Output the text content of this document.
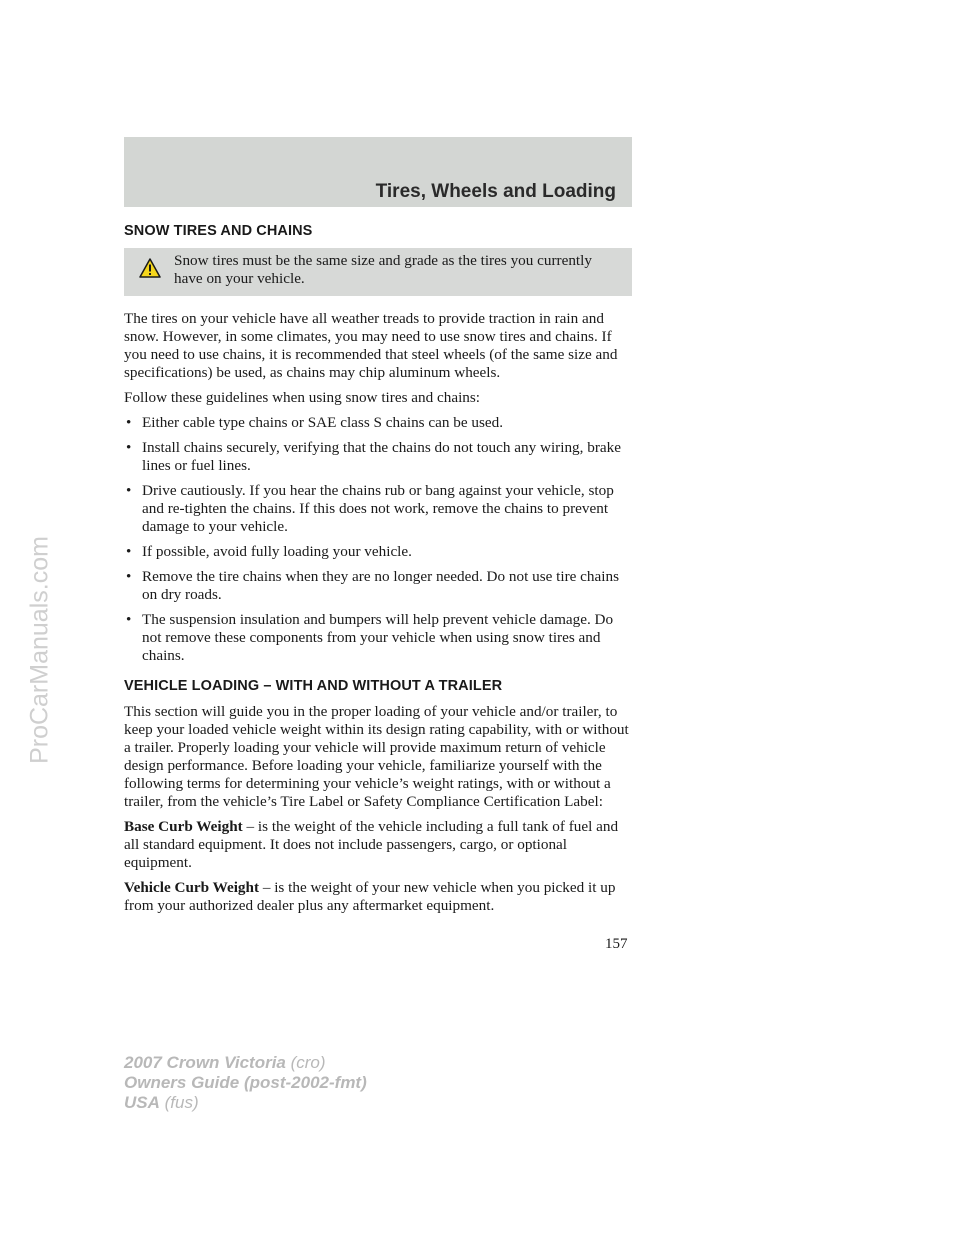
Tires, Wheels and Loading
SNOW TIRES AND CHAINS
Snow tires must be the same size and grade as the tires you currently have on your vehicle.

The tires on your vehicle have all weather treads to provide traction in rain and snow. However, in some climates, you may need to use snow tires and chains. If you need to use chains, it is recommended that steel wheels (of the same size and specifications) be used, as chains may chip aluminum wheels.

Follow these guidelines when using snow tires and chains:

• Either cable type chains or SAE class S chains can be used.
• Install chains securely, verifying that the chains do not touch any wiring, brake lines or fuel lines.
• Drive cautiously. If you hear the chains rub or bang against your vehicle, stop and re-tighten the chains. If this does not work, remove the chains to prevent damage to your vehicle.
• If possible, avoid fully loading your vehicle.
• Remove the tire chains when they are no longer needed. Do not use tire chains on dry roads.
• The suspension insulation and bumpers will help prevent vehicle damage. Do not remove these components from your vehicle when using snow tires and chains.
VEHICLE LOADING – WITH AND WITHOUT A TRAILER

This section will guide you in the proper loading of your vehicle and/or trailer, to keep your loaded vehicle weight within its design rating capability, with or without a trailer. Properly loading your vehicle will provide maximum return of vehicle design performance. Before loading your vehicle, familiarize yourself with the following terms for determining your vehicle’s weight ratings, with or without a trailer, from the vehicle’s Tire Label or Safety Compliance Certification Label:

Base Curb Weight – is the weight of the vehicle including a full tank of fuel and all standard equipment. It does not include passengers, cargo, or optional equipment.

Vehicle Curb Weight – is the weight of your new vehicle when you picked it up from your authorized dealer plus any aftermarket equipment.

157
2007 Crown Victoria (cro)
Owners Guide (post-2002-fmt)
USA (fus)
ProCarManuals.com
